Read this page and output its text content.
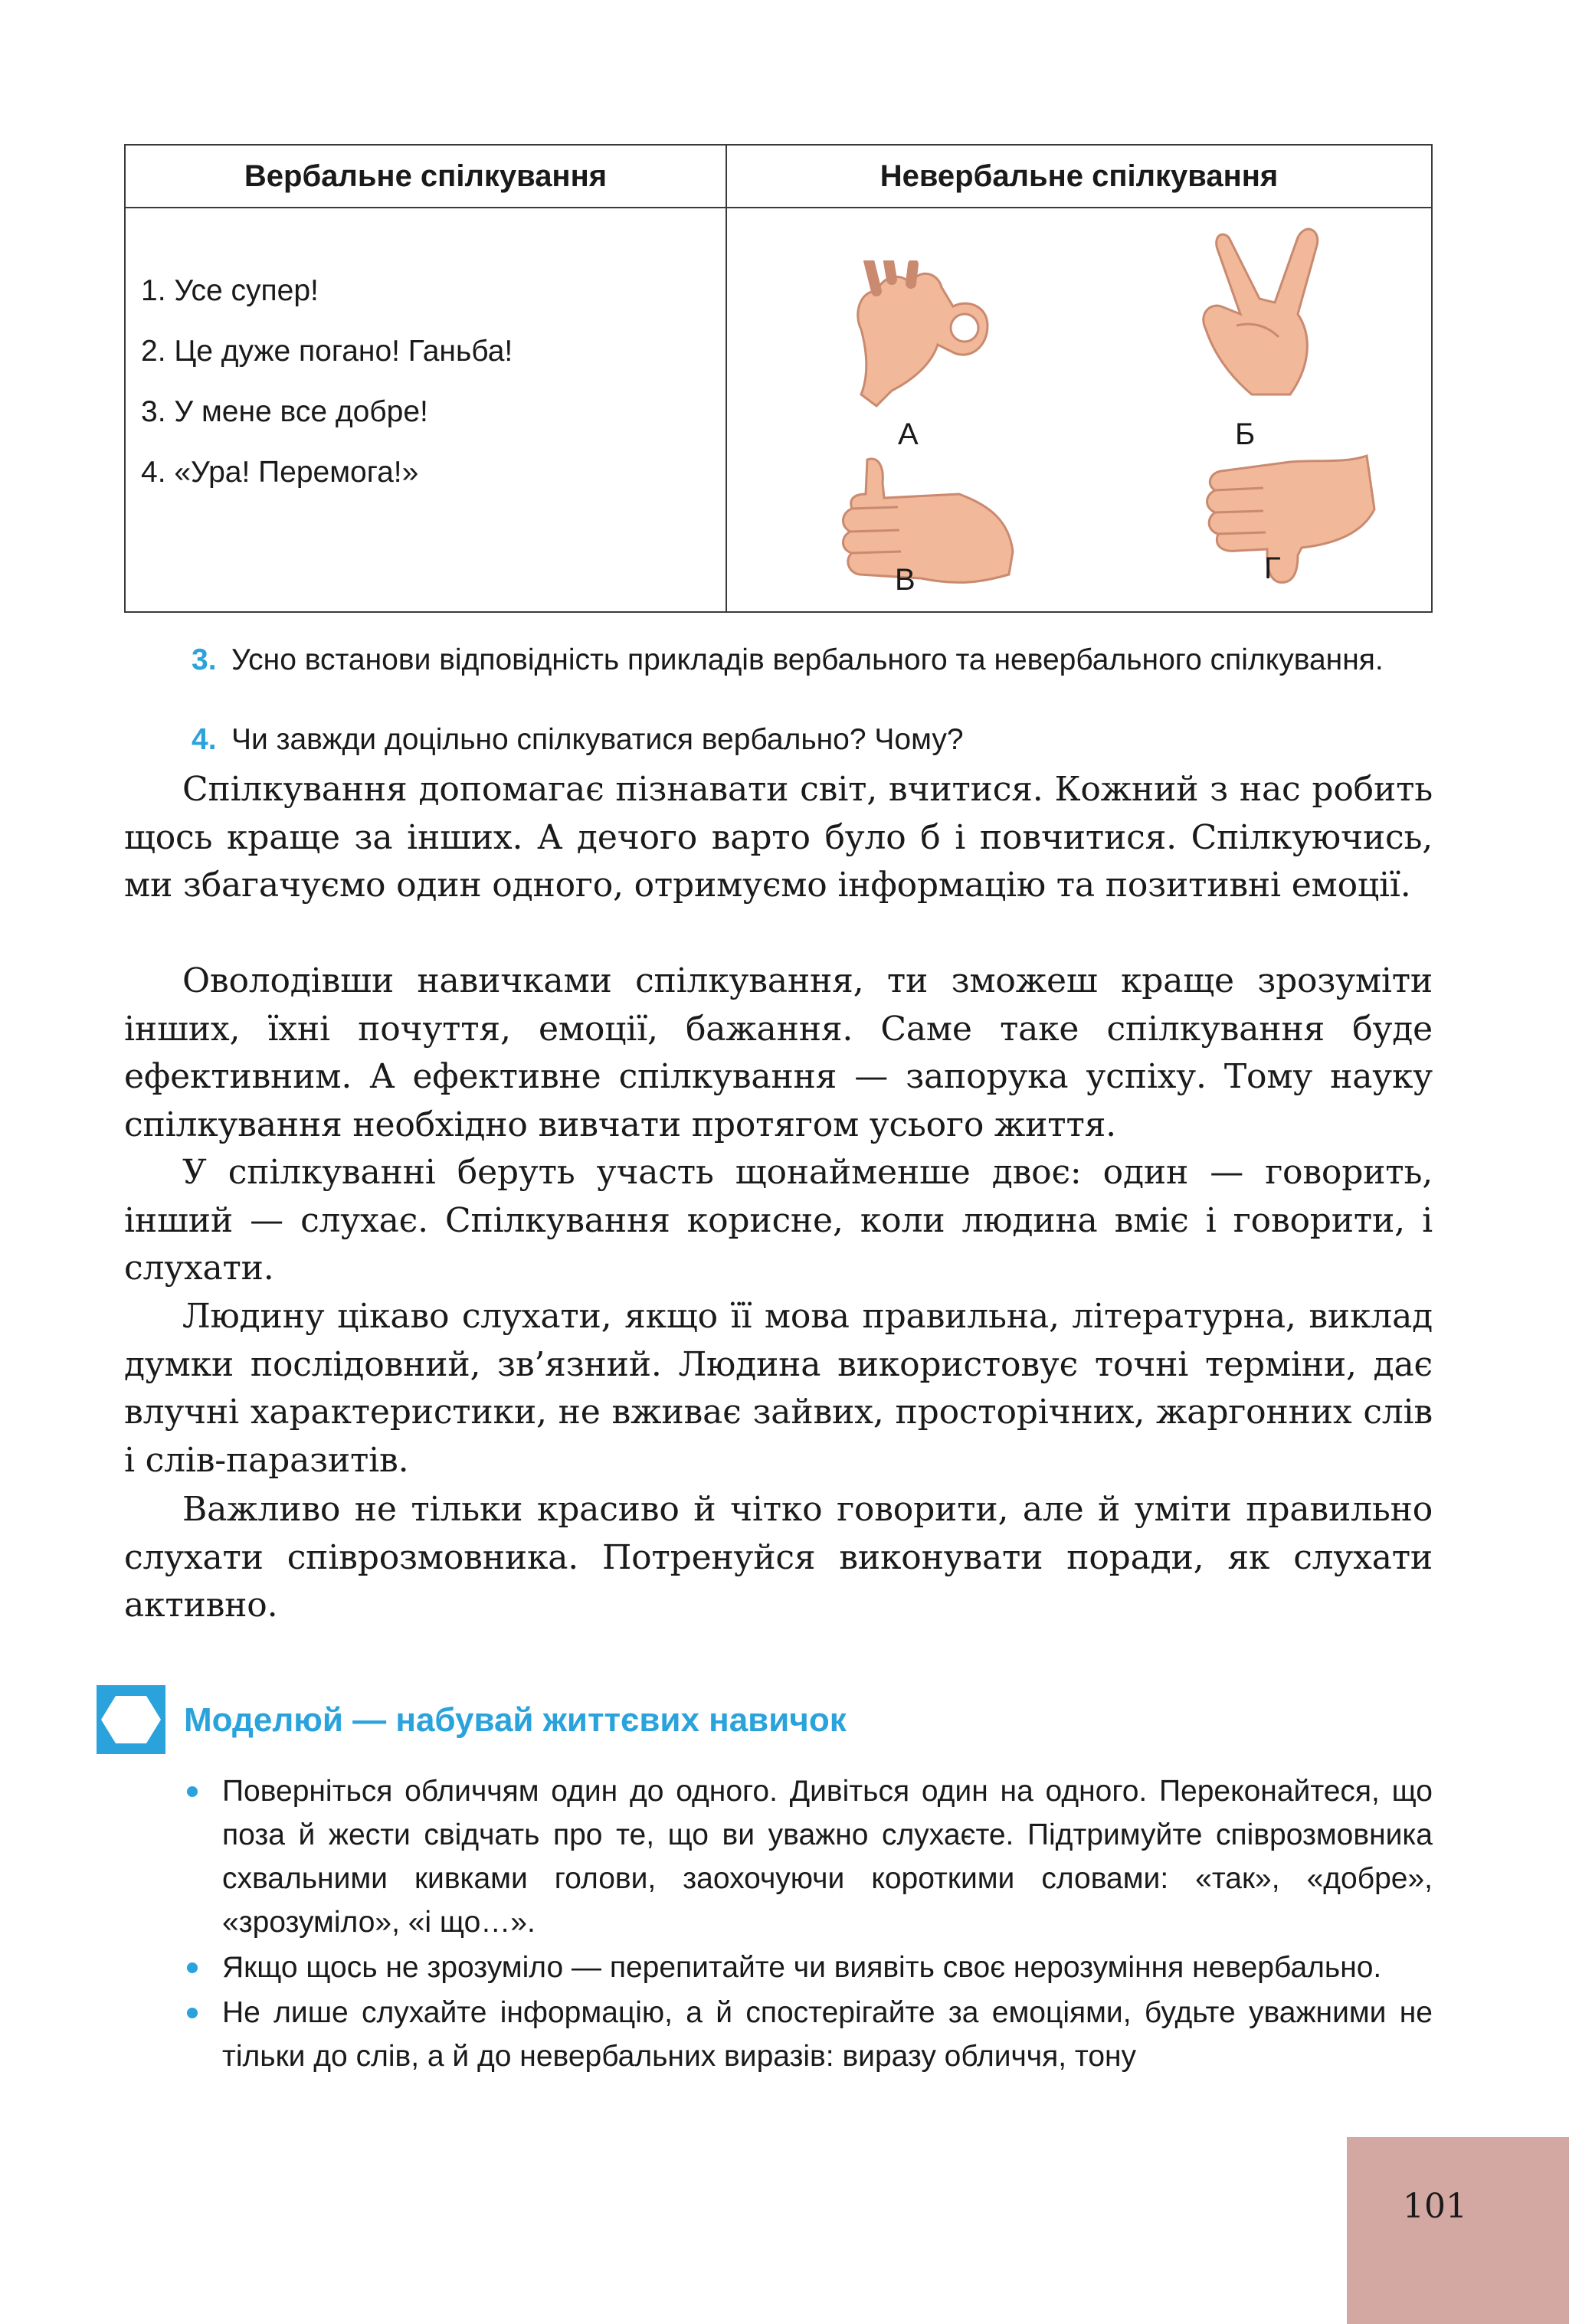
Вербальне спілкування	Невербальне спілкування
1. Усе супер!
2. Це дуже погано! Ганьба!
3. У мене все добре!
4. «Ура! Перемога!»
А	Б
В	Г
3. Усно встанови відповідність прикладів вербального та невербального спілкування.
4. Чи завжди доцільно спілкуватися вербально? Чому?

Спілкування допомагає пізнавати світ, вчитися. Кожний з нас робить щось краще за інших. А дечого варто було б і повчитися. Спілкуючись, ми збагачуємо один одного, отримуємо інформацію та позитивні емоції.

Оволодівши навичками спілкування, ти зможеш краще зрозуміти інших, їхні почуття, емоції, бажання. Саме таке спілкування буде ефективним. А ефективне спілкування — запорука успіху. Тому науку спілкування необхідно вивчати протягом усього життя.

У спілкуванні беруть участь щонайменше двоє: один — говорить, інший — слухає. Спілкування корисне, коли людина вміє і говорити, і слухати.

Людину цікаво слухати, якщо її мова правильна, літературна, виклад думки послідовний, зв’язний. Людина використовує точні терміни, дає влучні характеристики, не вживає зайвих, просторічних, жаргонних слів і слів-паразитів.

Важливо не тільки красиво й чітко говорити, але й уміти правильно слухати співрозмовника. Потренуйся виконувати поради, як слухати активно.

Моделюй — набувай життєвих навичок
Поверніться обличчям один до одного. Дивіться один на одного. Переконайтеся, що поза й жести свідчать про те, що ви уважно слухаєте. Підтримуйте співрозмовника схвальними кивками голови, заохочуючи короткими словами: «так», «добре», «зрозуміло», «і що…».
Якщо щось не зрозуміло — перепитайте чи виявіть своє нерозуміння невербально.
Не лише слухайте інформацію, а й спостерігайте за емоціями, будьте уважними не тільки до слів, а й до невербальних виразів: виразу обличчя, тону
101
